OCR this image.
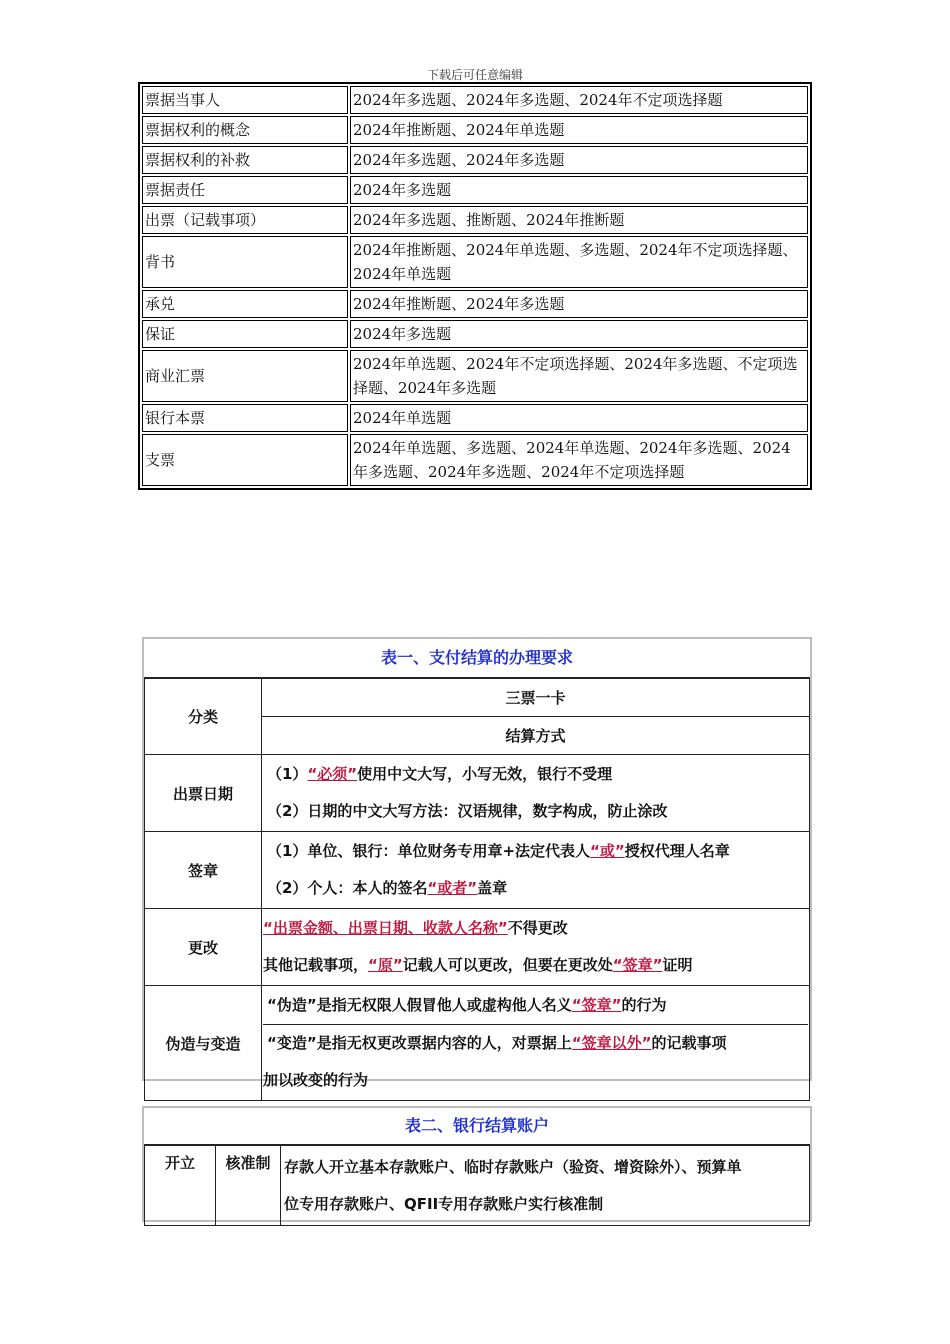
下载后可任意编辑
票据当事人	2024年多选题、2024年多选题、2024年不定项选择题
票据权利的概念	2024年推断题、2024年单选题
票据权利的补救	2024年多选题、2024年多选题
票据责任	2024年多选题
出票（记载事项）	2024年多选题、推断题、2024年推断题
背书	2024年推断题、2024年单选题、多选题、2024年不定项选择题、2024年单选题
承兑	2024年推断题、2024年多选题
保证	2024年多选题
商业汇票	2024年单选题、2024年不定项选择题、2024年多选题、不定项选择题、2024年多选题
银行本票	2024年单选题
支票	2024年单选题、多选题、2024年单选题、2024年多选题、2024年多选题、2024年多选题、2024年不定项选择题
表一、支付结算的办理要求
分类	三票一卡
	结算方式
出票日期	（1）“必须”使用中文大写，小写无效，银行不受理
（2）日期的中文大写方法：汉语规律，数字构成，防止涂改

签章	（1）单位、银行：单位财务专用章+法定代表人“或”授权代理人名章
（2）个人：本人的签名“或者”盖章

更改	“出票金额、出票日期、收款人名称”不得更改
其他记载事项，“原”记载人可以更改，但要在更改处“签章”证明

伪造与变造	“伪造”是指无权限人假冒他人或虚构他人名义“签章”的行为
“变造”是指无权更改票据内容的人，对票据上“签章以外”的记载事项
加以改变的行为
表二、银行结算账户
开立	核准制	存款人开立基本存款账户、临时存款账户（验资、增资除外）、预算单
位专用存款账户、QFII专用存款账户实行核准制
